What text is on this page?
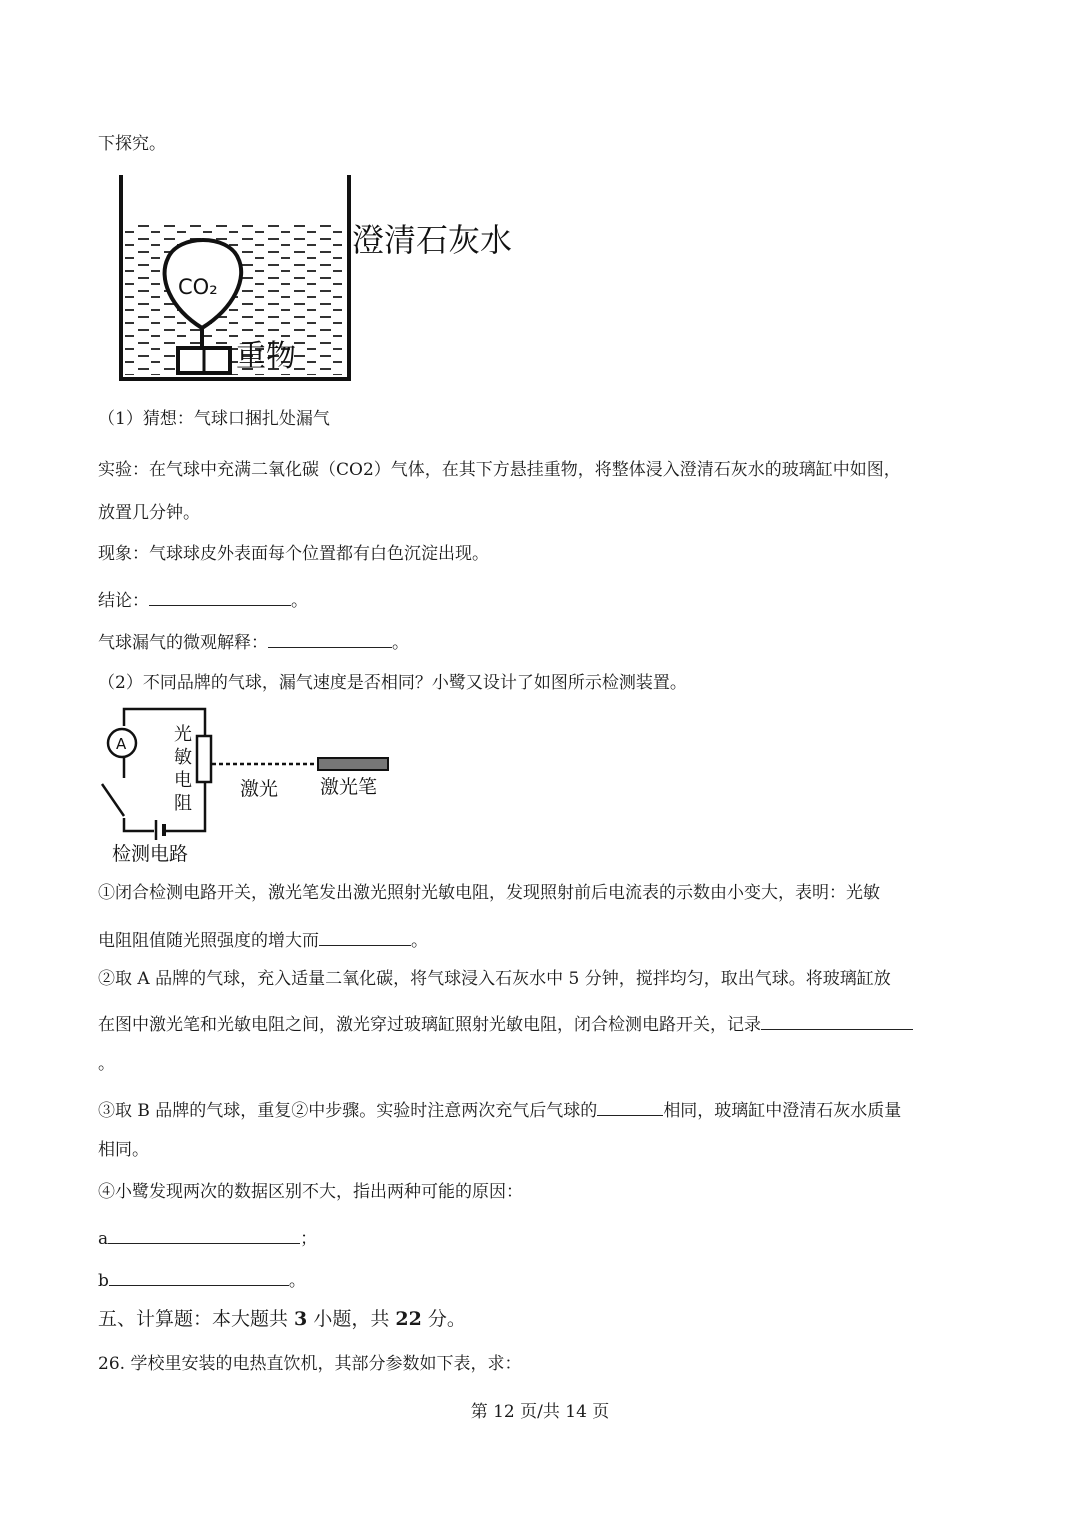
下探究。
CO₂
重物
澄清石灰水
（1）猜想：气球口捆扎处漏气
实验：在气球中充满二氧化碳（CO2）气体，在其下方悬挂重物，将整体浸入澄清石灰水的玻璃缸中如图，
放置几分钟。
现象：气球球皮外表面每个位置都有白色沉淀出现。
结论：	。
气球漏气的微观解释：	。
（2）不同品牌的气球，漏气速度是否相同？小鹭又设计了如图所示检测装置。
A	光
敏
电
阻
激光 激光笔
检测电路
①闭合检测电路开关，激光笔发出激光照射光敏电阻，发现照射前后电流表的示数由小变大，表明：光敏
电阻阻值随光照强度的增大而	。
②取 A 品牌的气球，充入适量二氧化碳，将气球浸入石灰水中 5 分钟，搅拌均匀，取出气球。将玻璃缸放
在图中激光笔和光敏电阻之间，激光穿过玻璃缸照射光敏电阻，闭合检测电路开关，记录
。
③取 B 品牌的气球，重复②中步骤。实验时注意两次充气后气球的	相同，玻璃缸中澄清石灰水质量
相同。
④小鹭发现两次的数据区别不大，指出两种可能的原因：
a	；
b	。
五、计算题：本大题共 3 小题，共 22 分。
26. 学校里安装的电热直饮机，其部分参数如下表，求：
第 12 页/共 14 页
